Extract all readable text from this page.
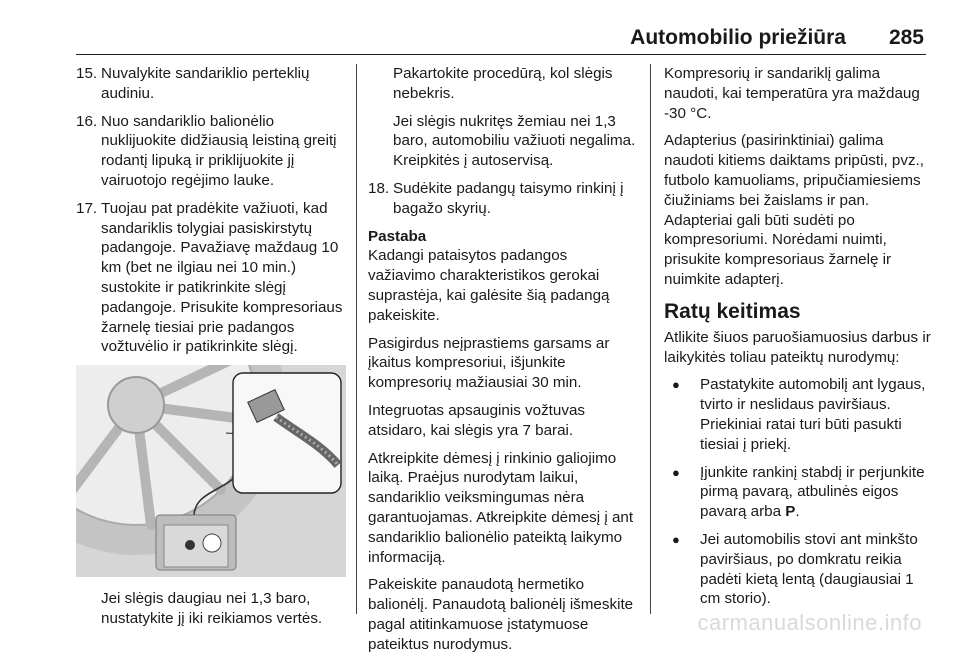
Automobilio priežiūra 285
15. Nuvalykite sandariklio perteklių audiniu.
16. Nuo sandariklio balionėlio nuklijuokite didžiausią leistiną greitį rodantį lipuką ir priklijuokite jį vairuotojo regėjimo lauke.
17. Tuojau pat pradėkite važiuoti, kad sandariklis tolygiai pasiskirstytų padangoje. Pavažiavę maždaug 10 km (bet ne ilgiau nei 10 min.) sustokite ir patikrinkite slėgį padangoje. Prisukite kompresoriaus žarnelę tiesiai prie padangos vožtuvėlio ir patikrinkite slėgį.

Jei slėgis daugiau nei 1,3 baro, nustatykite jį iki reikiamos vertės.

Pakartokite procedūrą, kol slėgis nebekris.

Jei slėgis nukritęs žemiau nei 1,3 baro, automobiliu važiuoti negalima. Kreipkitės į autoservisą.

18. Sudėkite padangų taisymo rinkinį į bagažo skyrių.
Pastaba

Kadangi pataisytos padangos važiavimo charakteristikos gerokai suprastėja, kai galėsite šią padangą pakeiskite.

Pasigirdus neįprastiems garsams ar įkaitus kompresoriui, išjunkite kompresorių mažiausiai 30 min.

Integruotas apsauginis vožtuvas atsidaro, kai slėgis yra 7 barai.

Atkreipkite dėmesį į rinkinio galiojimo laiką. Praėjus nurodytam laikui, sandariklio veiksmingumas nėra garantuojamas. Atkreipkite dėmesį į ant sandariklio balionėlio pateiktą laikymo informaciją.

Pakeiskite panaudotą hermetiko balionėlį. Panaudotą balionėlį išmeskite pagal atitinkamuose įstatymuose pateiktus nurodymus.

Kompresorių ir sandariklį galima naudoti, kai temperatūra yra maždaug -30 °C.

Adapterius (pasirinktiniai) galima naudoti kitiems daiktams pripūsti, pvz., futbolo kamuoliams, pripučiamiesiems čiužiniams bei žaislams ir pan. Adapteriai gali būti sudėti po kompresoriumi. Norėdami nuimti, prisukite kompresoriaus žarnelę ir nuimkite adapterį.

Ratų keitimas

Atlikite šiuos paruošiamuosius darbus ir laikykitės toliau pateiktų nurodymų:

●	Pastatykite automobilį ant lygaus, tvirto ir neslidaus paviršiaus. Priekiniai ratai turi būti pasukti tiesiai į priekį.
●	Įjunkite rankinį stabdį ir perjunkite pirmą pavarą, atbulinės eigos pavarą arba P.
●	Jei automobilis stovi ant minkšto paviršiaus, po domkratu reikia padėti kietą lentą (daugiausiai 1 cm storio).
carmanualsonline.info
